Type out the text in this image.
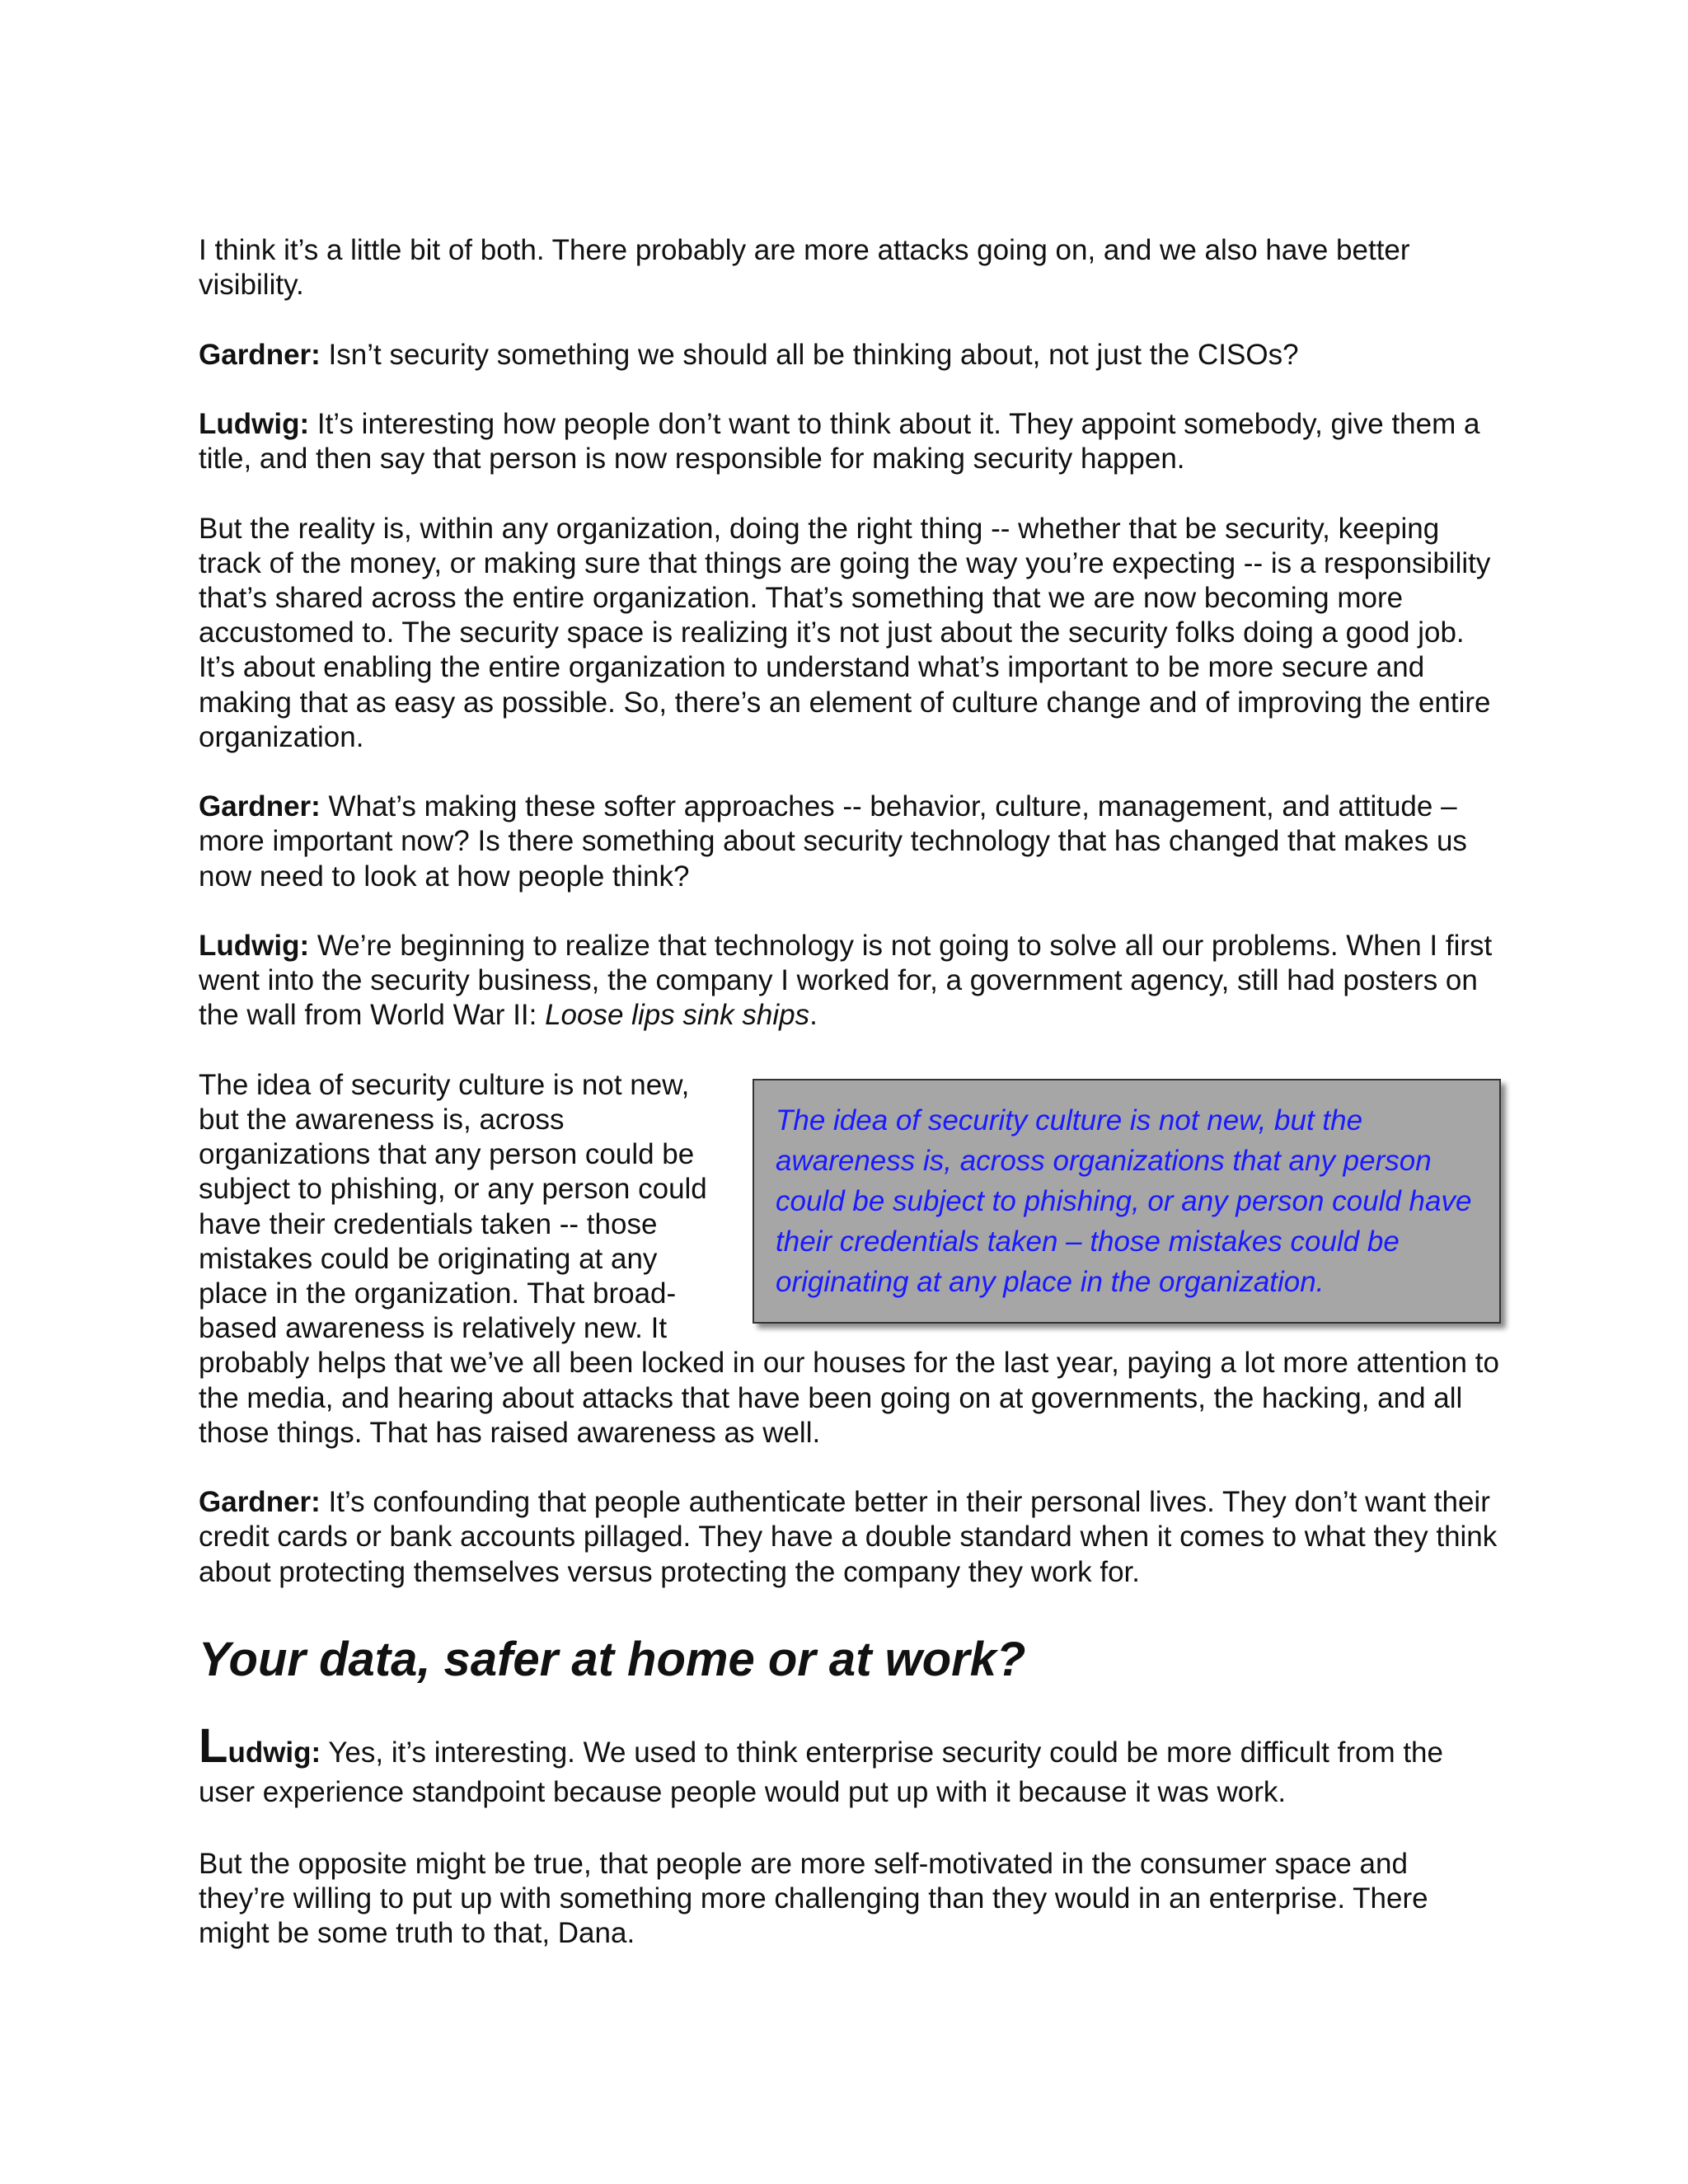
I think it’s a little bit of both. There probably are more attacks going on, and we also have better visibility.

Gardner: Isn’t security something we should all be thinking about, not just the CISOs?

Ludwig: It’s interesting how people don’t want to think about it. They appoint somebody, give them a title, and then say that person is now responsible for making security happen.

But the reality is, within any organization, doing the right thing -- whether that be security, keeping track of the money, or making sure that things are going the way you’re expecting -- is a responsibility that’s shared across the entire organization. That’s something that we are now becoming more accustomed to. The security space is realizing it’s not just about the security folks doing a good job. It’s about enabling the entire organization to understand what’s important to be more secure and making that as easy as possible. So, there’s an element of culture change and of improving the entire organization.

Gardner: What’s making these softer approaches -- behavior, culture, management, and attitude – more important now? Is there something about security technology that has changed that makes us now need to look at how people think?

Ludwig: We’re beginning to realize that technology is not going to solve all our problems. When I first went into the security business, the company I worked for, a government agency, still had posters on the wall from World War II: Loose lips sink ships.

The idea of security culture is not new, but the awareness is, across organizations that any person could be subject to phishing, or any person could have their credentials taken – those mistakes could be originating at any place in the organization.

The idea of security culture is not new, but the awareness is, across organizations that any person could be subject to phishing, or any person could have their credentials taken -- those mistakes could be originating at any place in the organization. That broad-based awareness is relatively new. It probably helps that we’ve all been locked in our houses for the last year, paying a lot more attention to the media, and hearing about attacks that have been going on at governments, the hacking, and all those things. That has raised awareness as well.

Gardner: It’s confounding that people authenticate better in their personal lives. They don’t want their credit cards or bank accounts pillaged. They have a double standard when it comes to what they think about protecting themselves versus protecting the company they work for.

Your data, safer at home or at work?

Ludwig: Yes, it’s interesting. We used to think enterprise security could be more difficult from the user experience standpoint because people would put up with it because it was work.

But the opposite might be true, that people are more self-motivated in the consumer space and they’re willing to put up with something more challenging than they would in an enterprise. There might be some truth to that, Dana.
